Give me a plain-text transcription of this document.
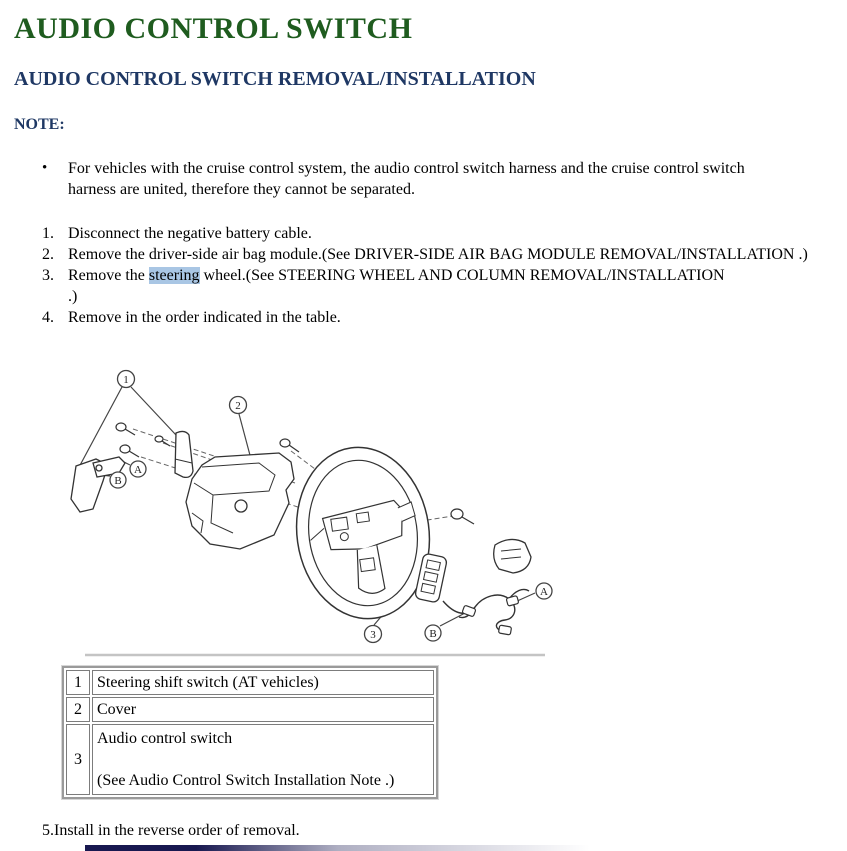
AUDIO CONTROL SWITCH
AUDIO CONTROL SWITCH REMOVAL/INSTALLATION
NOTE:
•	For vehicles with the cruise control system, the audio control switch harness and the cruise control switch harness are united, therefore they cannot be separated.
1. Disconnect the negative battery cable.
2. Remove the driver-side air bag module.(See DRIVER-SIDE AIR BAG MODULE REMOVAL/INSTALLATION .)
3. Remove the steering wheel.(See STEERING WHEEL AND COLUMN REMOVAL/INSTALLATION
.)
4. Remove in the order indicated in the table.
1
2
3
B
A
A
B
1	Steering shift switch (AT vehicles)
2	Cover
3	Audio control switch
(See Audio Control Switch Installation Note .)
5. Install in the reverse order of removal.
